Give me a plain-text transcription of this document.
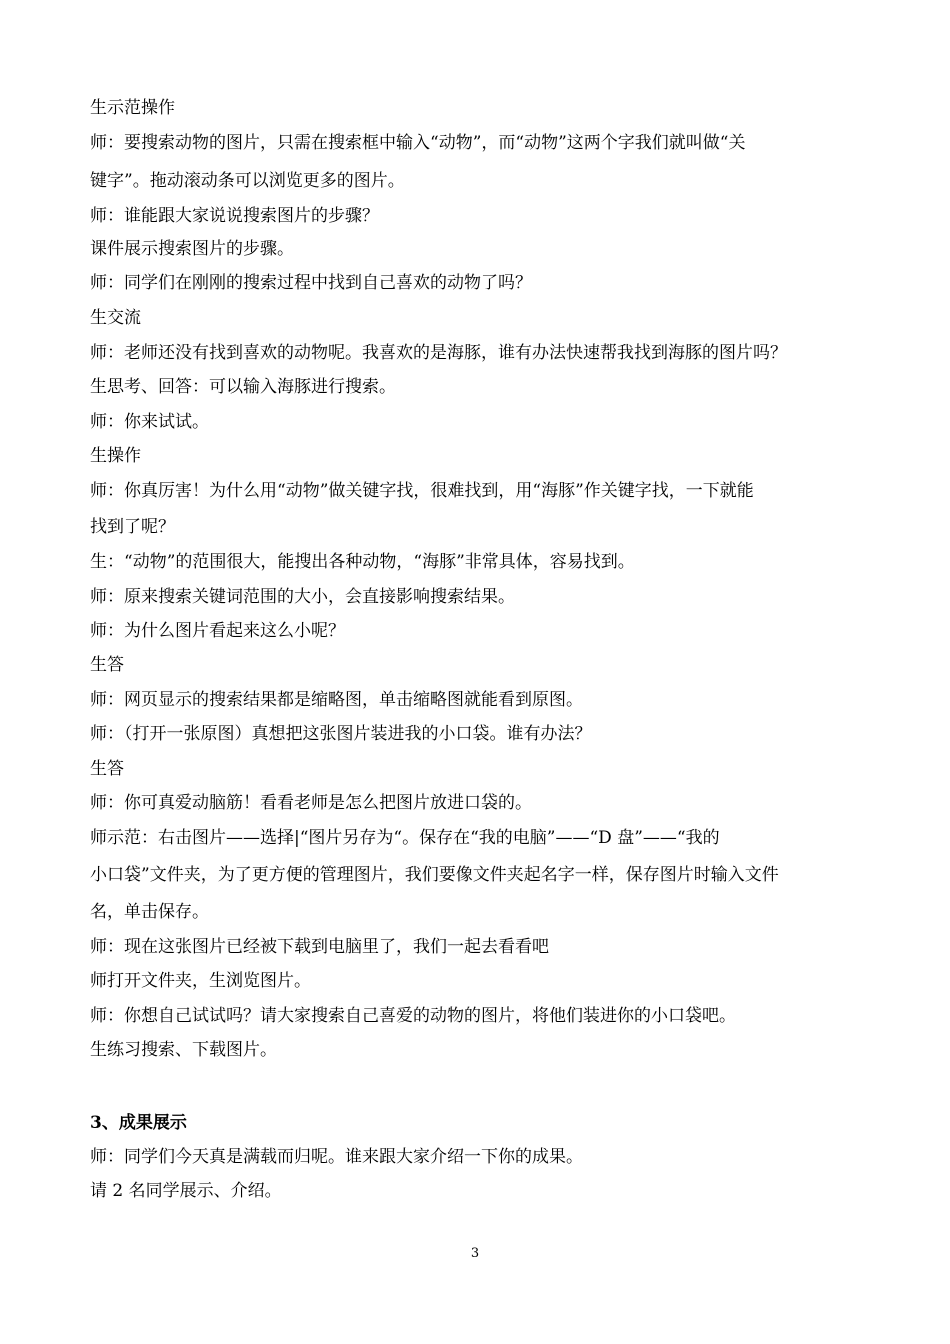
生示范操作
师：要搜索动物的图片，只需在搜索框中输入“动物”，而“动物”这两个字我们就叫做“关
键字”。拖动滚动条可以浏览更多的图片。
师：谁能跟大家说说搜索图片的步骤？
课件展示搜索图片的步骤。
师：同学们在刚刚的搜索过程中找到自己喜欢的动物了吗？
生交流
师：老师还没有找到喜欢的动物呢。我喜欢的是海豚，谁有办法快速帮我找到海豚的图片吗？
生思考、回答：可以输入海豚进行搜索。
师：你来试试。
生操作
师：你真厉害！为什么用“动物”做关键字找，很难找到，用“海豚”作关键字找，一下就能
找到了呢？
生：“动物”的范围很大，能搜出各种动物，“海豚”非常具体，容易找到。
师：原来搜索关键词范围的大小，会直接影响搜索结果。
师：为什么图片看起来这么小呢？
生答
师：网页显示的搜索结果都是缩略图，单击缩略图就能看到原图。
师：（打开一张原图）真想把这张图片装进我的小口袋。谁有办法？
生答
师：你可真爱动脑筋！看看老师是怎么把图片放进口袋的。
师示范：右击图片——选择|“图片另存为“。保存在“我的电脑”——“D 盘”——“我的
小口袋”文件夹，为了更方便的管理图片，我们要像文件夹起名字一样，保存图片时输入文件
名，单击保存。
师：现在这张图片已经被下载到电脑里了，我们一起去看看吧
师打开文件夹，生浏览图片。
师：你想自己试试吗？请大家搜索自己喜爱的动物的图片，将他们装进你的小口袋吧。
生练习搜索、下载图片。
3、成果展示
师：同学们今天真是满载而归呢。谁来跟大家介绍一下你的成果。
请 2 名同学展示、介绍。
3
